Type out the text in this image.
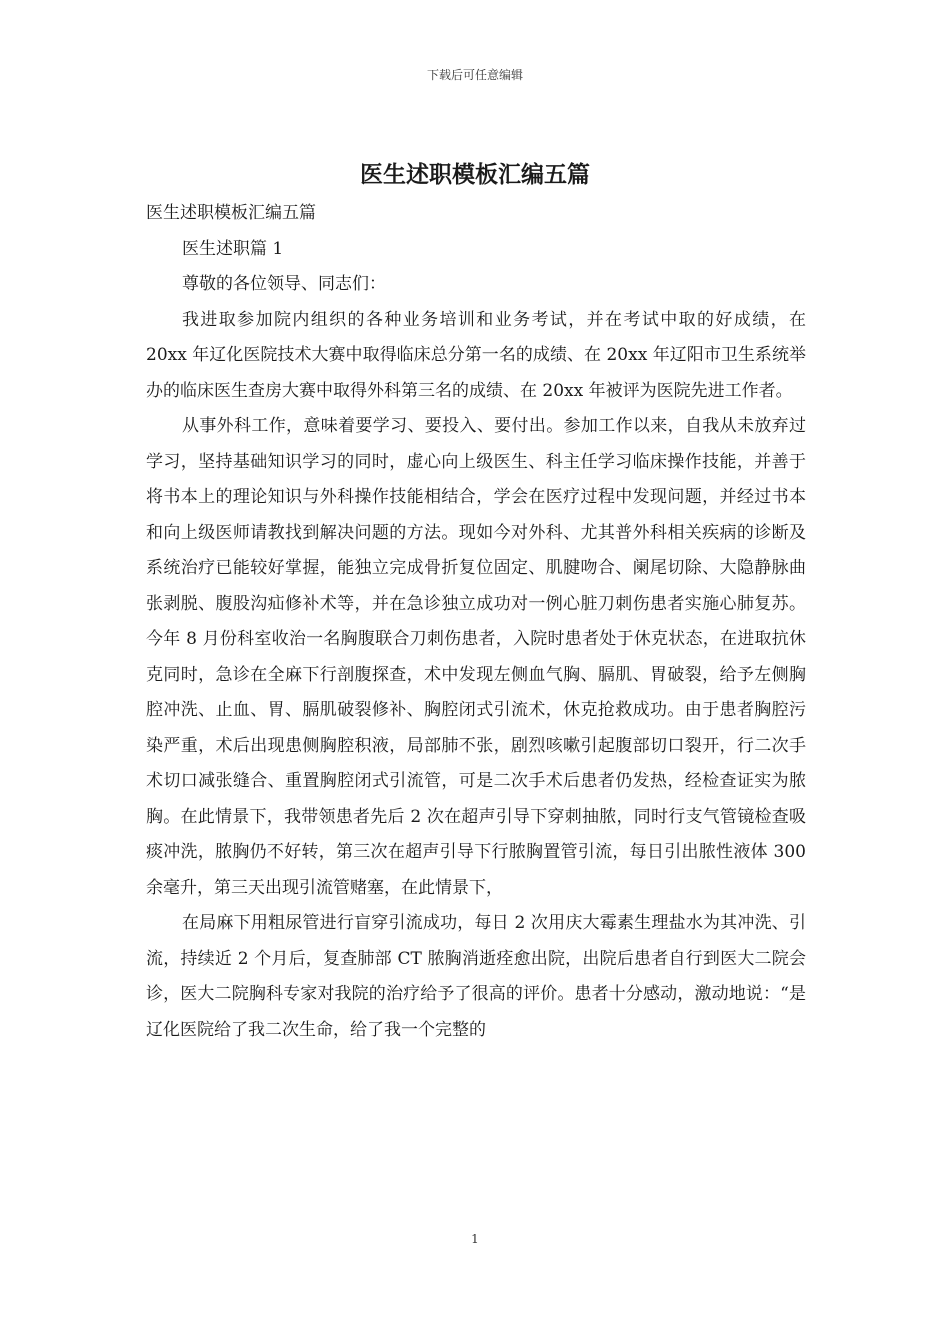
下载后可任意编辑
医生述职模板汇编五篇

医生述职模板汇编五篇

医生述职篇 1

尊敬的各位领导、同志们：

我进取参加院内组织的各种业务培训和业务考试，并在考试中取的好成绩，在 20xx 年辽化医院技术大赛中取得临床总分第一名的成绩、在 20xx 年辽阳市卫生系统举办的临床医生查房大赛中取得外科第三名的成绩、在 20xx 年被评为医院先进工作者。

从事外科工作，意味着要学习、要投入、要付出。参加工作以来，自我从未放弃过学习，坚持基础知识学习的同时，虚心向上级医生、科主任学习临床操作技能，并善于将书本上的理论知识与外科操作技能相结合，学会在医疗过程中发现问题，并经过书本和向上级医师请教找到解决问题的方法。现如今对外科、尤其普外科相关疾病的诊断及系统治疗已能较好掌握，能独立完成骨折复位固定、肌腱吻合、阑尾切除、大隐静脉曲张剥脱、腹股沟疝修补术等，并在急诊独立成功对一例心脏刀刺伤患者实施心肺复苏。今年 8 月份科室收治一名胸腹联合刀刺伤患者，入院时患者处于休克状态，在进取抗休克同时，急诊在全麻下行剖腹探查，术中发现左侧血气胸、膈肌、胃破裂，给予左侧胸腔冲洗、止血、胃、膈肌破裂修补、胸腔闭式引流术，休克抢救成功。由于患者胸腔污染严重，术后出现患侧胸腔积液，局部肺不张，剧烈咳嗽引起腹部切口裂开，行二次手术切口减张缝合、重置胸腔闭式引流管，可是二次手术后患者仍发热，经检查证实为脓胸。在此情景下，我带领患者先后 2 次在超声引导下穿刺抽脓，同时行支气管镜检查吸痰冲洗，脓胸仍不好转，第三次在超声引导下行脓胸置管引流，每日引出脓性液体 300 余毫升，第三天出现引流管赌塞，在此情景下，

在局麻下用粗尿管进行盲穿引流成功，每日 2 次用庆大霉素生理盐水为其冲洗、引流，持续近 2 个月后，复查肺部 CT 脓胸消逝痊愈出院，出院后患者自行到医大二院会诊，医大二院胸科专家对我院的治疗给予了很高的评价。患者十分感动，激动地说：“是辽化医院给了我二次生命，给了我一个完整的

1
